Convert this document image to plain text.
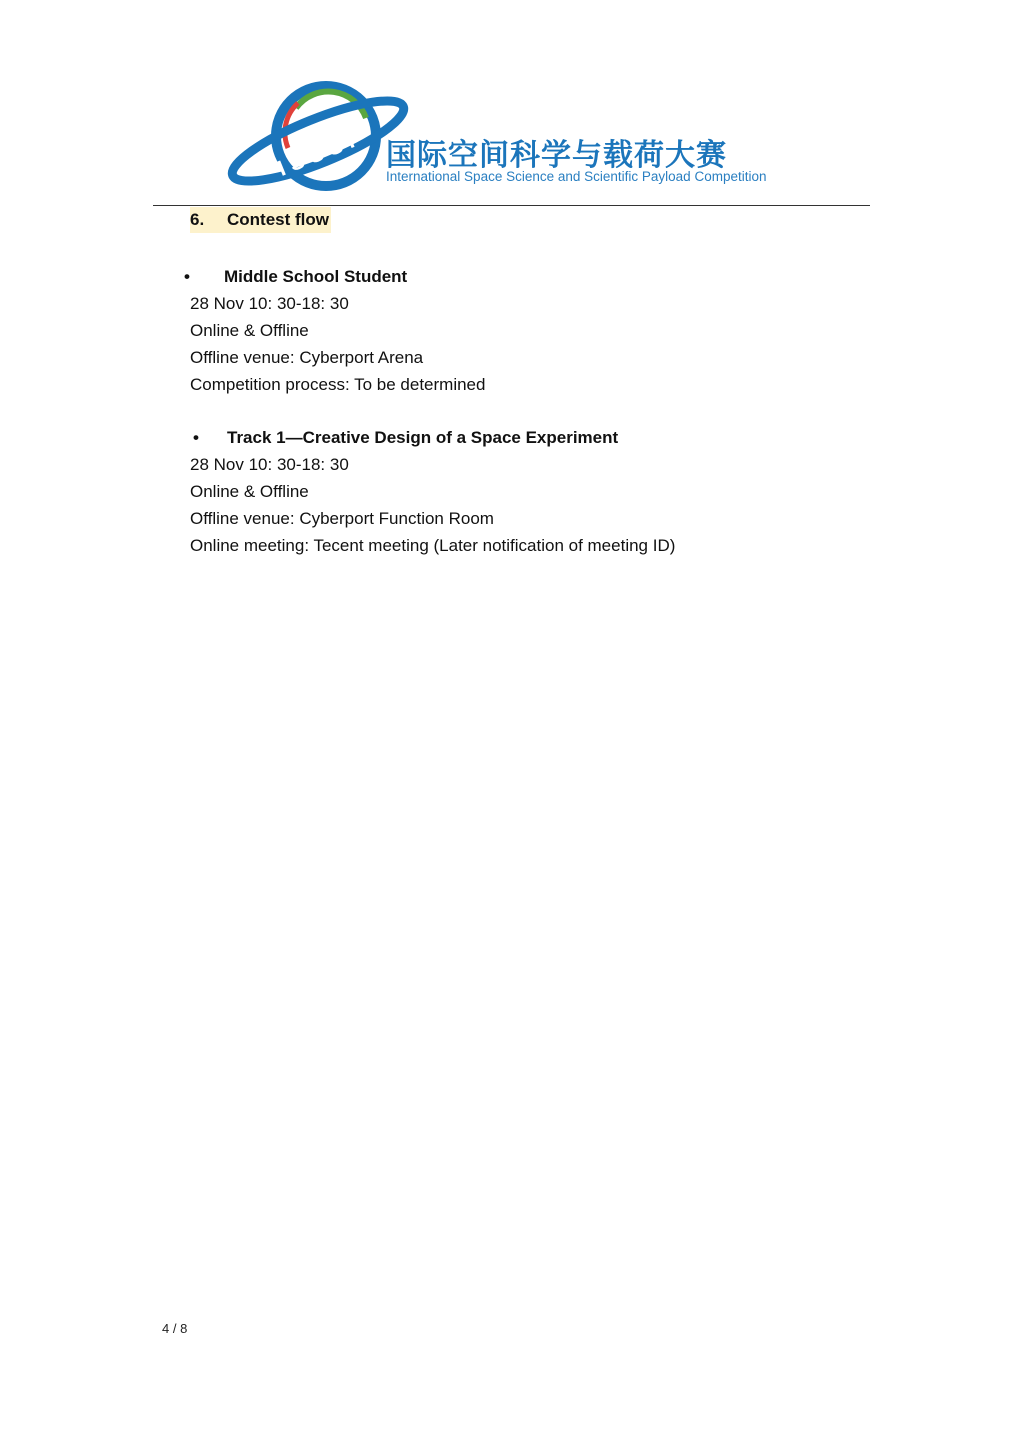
ISSSP 国际空间科学与载荷大赛
International Space Science and Scientific Payload Competition
6. Contest flow
• Middle School Student
28 Nov 10: 30-18: 30
Online & Offline
Offline venue: Cyberport Arena
Competition process: To be determined
• Track 1—Creative Design of a Space Experiment
28 Nov 10: 30-18: 30
Online & Offline
Offline venue: Cyberport Function Room
Online meeting: Tecent meeting (Later notification of meeting ID)
4 / 8
